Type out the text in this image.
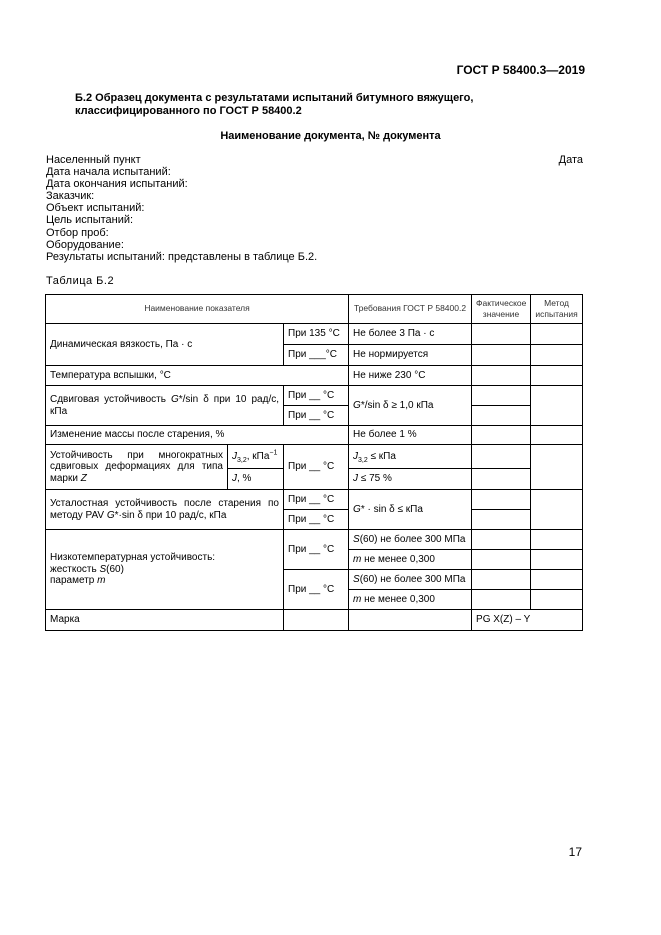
ГОСТ Р 58400.3—2019
Б.2 Образец документа с результатами испытаний битумного вяжущего, классифицированного по ГОСТ Р 58400.2
Наименование документа, № документа
Населенный пункт
Дата начала испытаний:
Дата окончания испытаний:
Заказчик:
Объект испытаний:
Цель испытаний:
Отбор проб:
Оборудование:
Результаты испытаний: представлены в таблице Б.2.
Дата
Таблица Б.2
Наименование показателя			Требования ГОСТ Р 58400.2	Фактическое значение	Метод испытания
Динамическая вязкость, Па · с		При 135 °С	Не более 3 Па · с		
		При ___°С	Не нормируется		
Температура вспышки, °С			Не ниже 230 °С		
Сдвиговая устойчивость G*/sin δ при 10 рад/с, кПа		При __ °С	G*/sin δ ≥ 1,0 кПа		
		При __ °С			
Изменение массы после старения, %			Не более 1 %		
Устойчивость при многократных сдвиговых деформациях для типа марки Z	$J_{3,2}$, кПа$^{-1}$	При __ °С	$J_{3,2}$ ≤ кПа		
	J, %		J ≤ 75 %		
Усталостная устойчивость после старения по методу PAV G*·sin δ при 10 рад/с, кПа		При __ °С	G* · sin δ ≤ кПа		
		При __ °С			

Низкотемпературная устойчивость:
жесткость S(60)
параметр m		При __ °С	S(60) не более 300 МПа		
			m не менее 0,300		
		При __ °С	S(60) не более 300 МПа		
			m не менее 0,300		
Марка				PG X(Z) – Y	
17
